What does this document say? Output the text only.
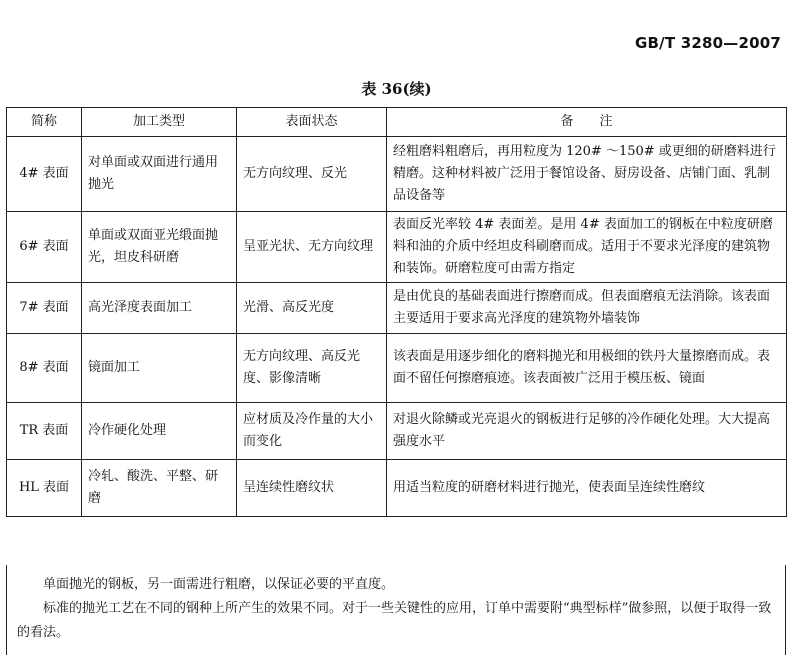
GB/T 3280—2007
表 36(续)
简称	加工类型	表面状态	备　　注
4# 表面	对单面或双面进行通用抛光	无方向纹理、反光	经粗磨料粗磨后，再用粒度为 120# ～150# 或更细的研磨料进行精磨。这种材料被广泛用于餐馆设备、厨房设备、店铺门面、乳制品设备等
6# 表面	单面或双面亚光缎面抛光，坦皮科研磨	呈亚光状、无方向纹理	表面反光率较 4# 表面差。是用 4# 表面加工的钢板在中粒度研磨料和油的介质中经坦皮科刷磨而成。适用于不要求光泽度的建筑物和装饰。研磨粒度可由需方指定
7# 表面	高光泽度表面加工	光滑、高反光度	是由优良的基础表面进行擦磨而成。但表面磨痕无法消除。该表面主要适用于要求高光泽度的建筑物外墙装饰
8# 表面	镜面加工	无方向纹理、高反光度、影像清晰	该表面是用逐步细化的磨料抛光和用极细的铁丹大量擦磨而成。表面不留任何擦磨痕迹。该表面被广泛用于模压板、镜面
TR 表面	冷作硬化处理	应材质及冷作量的大小而变化	对退火除鳞或光亮退火的钢板进行足够的冷作硬化处理。大大提高强度水平
HL 表面	冷轧、酸洗、平整、研磨	呈连续性磨纹状	用适当粒度的研磨材料进行抛光，使表面呈连续性磨纹

单面抛光的钢板，另一面需进行粗磨，以保证必要的平直度。

标准的抛光工艺在不同的钢种上所产生的效果不同。对于一些关键性的应用，订单中需要附“典型标样”做参照，以便于取得一致的看法。
